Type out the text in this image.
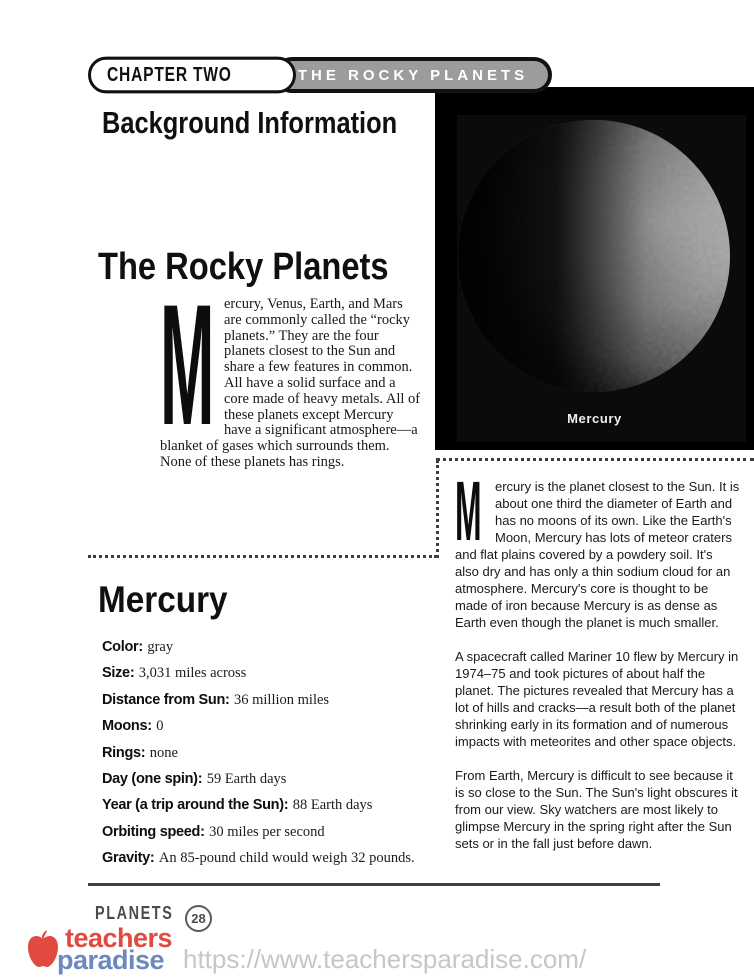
CHAPTER TWO	THE ROCKY PLANETS
Background Information
Mercury
The Rocky Planets
M ercury, Venus, Earth, and Mars are commonly called the “rocky planets.” They are the four planets closest to the Sun and share a few features in common. All have a solid surface and a core made of heavy metals. All of these planets except Mercury have a significant atmosphere—a blanket of gases which surrounds them. None of these planets has rings.
Mercury
Color: gray
Size: 3,031 miles across
Distance from Sun: 36 million miles
Moons: 0
Rings: none
Day (one spin): 59 Earth days
Year (a trip around the Sun): 88 Earth days
Orbiting speed: 30 miles per second
Gravity: An 85-pound child would weigh 32 pounds.

M ercury is the planet closest to the Sun. It is about one third the diameter of Earth and has no moons of its own. Like the Earth's Moon, Mercury has lots of meteor craters and flat plains covered by a powdery soil. It's also dry and has only a thin sodium cloud for an atmosphere. Mercury's core is thought to be made of iron because Mercury is as dense as Earth even though the planet is much smaller.

A spacecraft called Mariner 10 flew by Mercury in 1974–75 and took pictures of about half the planet. The pictures revealed that Mercury has a lot of hills and cracks—a result both of the planet shrinking early in its formation and of numerous impacts with meteorites and other space objects.

From Earth, Mercury is difficult to see because it is so close to the Sun. The Sun's light obscures it from our view. Sky watchers are most likely to glimpse Mercury in the spring right after the Sun sets or in the fall just before dawn.

PLANETS	28
teachers
paradise https://www.teachersparadise.com/
